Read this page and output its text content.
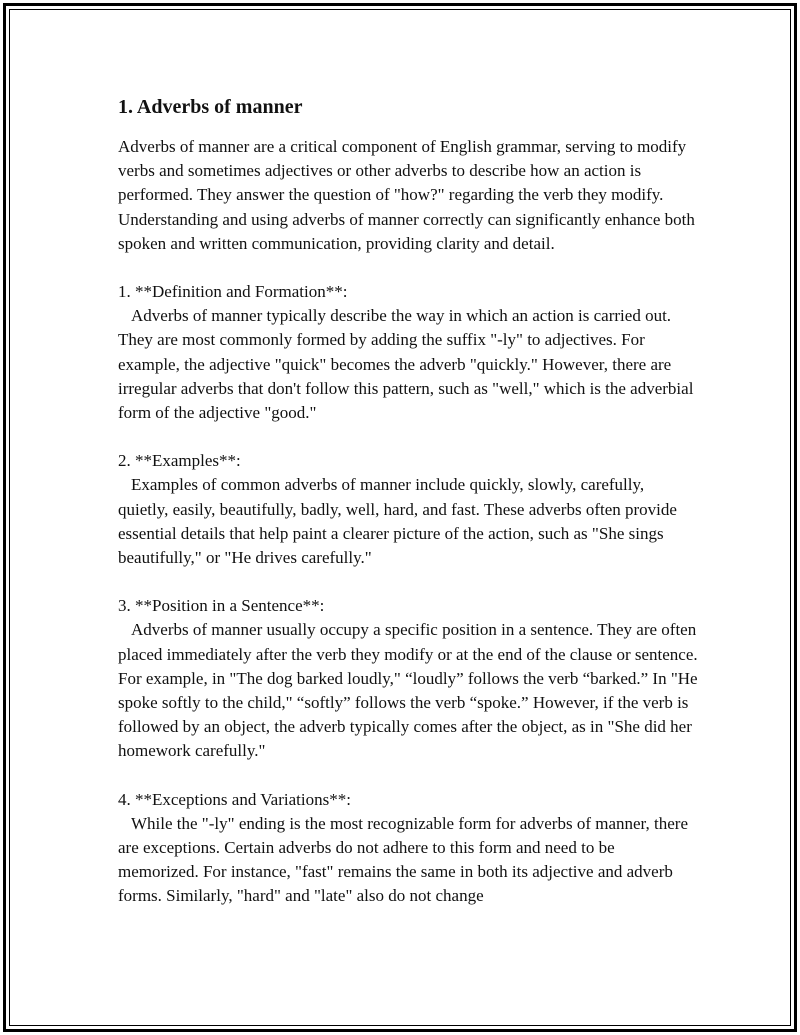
1. Adverbs of manner

Adverbs of manner are a critical component of English grammar, serving to modify verbs and sometimes adjectives or other adverbs to describe how an action is performed. They answer the question of "how?" regarding the verb they modify. Understanding and using adverbs of manner correctly can significantly enhance both spoken and written communication, providing clarity and detail.

1. **Definition and Formation**:

Adverbs of manner typically describe the way in which an action is carried out. They are most commonly formed by adding the suffix "-ly" to adjectives. For example, the adjective "quick" becomes the adverb "quickly." However, there are irregular adverbs that don't follow this pattern, such as "well," which is the adverbial form of the adjective "good."

2. **Examples**:

Examples of common adverbs of manner include quickly, slowly, carefully, quietly, easily, beautifully, badly, well, hard, and fast. These adverbs often provide essential details that help paint a clearer picture of the action, such as "She sings beautifully," or "He drives carefully."

3. **Position in a Sentence**:

Adverbs of manner usually occupy a specific position in a sentence. They are often placed immediately after the verb they modify or at the end of the clause or sentence. For example, in "The dog barked loudly," “loudly” follows the verb “barked.” In "He spoke softly to the child," “softly” follows the verb “spoke.” However, if the verb is followed by an object, the adverb typically comes after the object, as in "She did her homework carefully."

4. **Exceptions and Variations**:

While the "-ly" ending is the most recognizable form for adverbs of manner, there are exceptions. Certain adverbs do not adhere to this form and need to be memorized. For instance, "fast" remains the same in both its adjective and adverb forms. Similarly, "hard" and "late" also do not change
